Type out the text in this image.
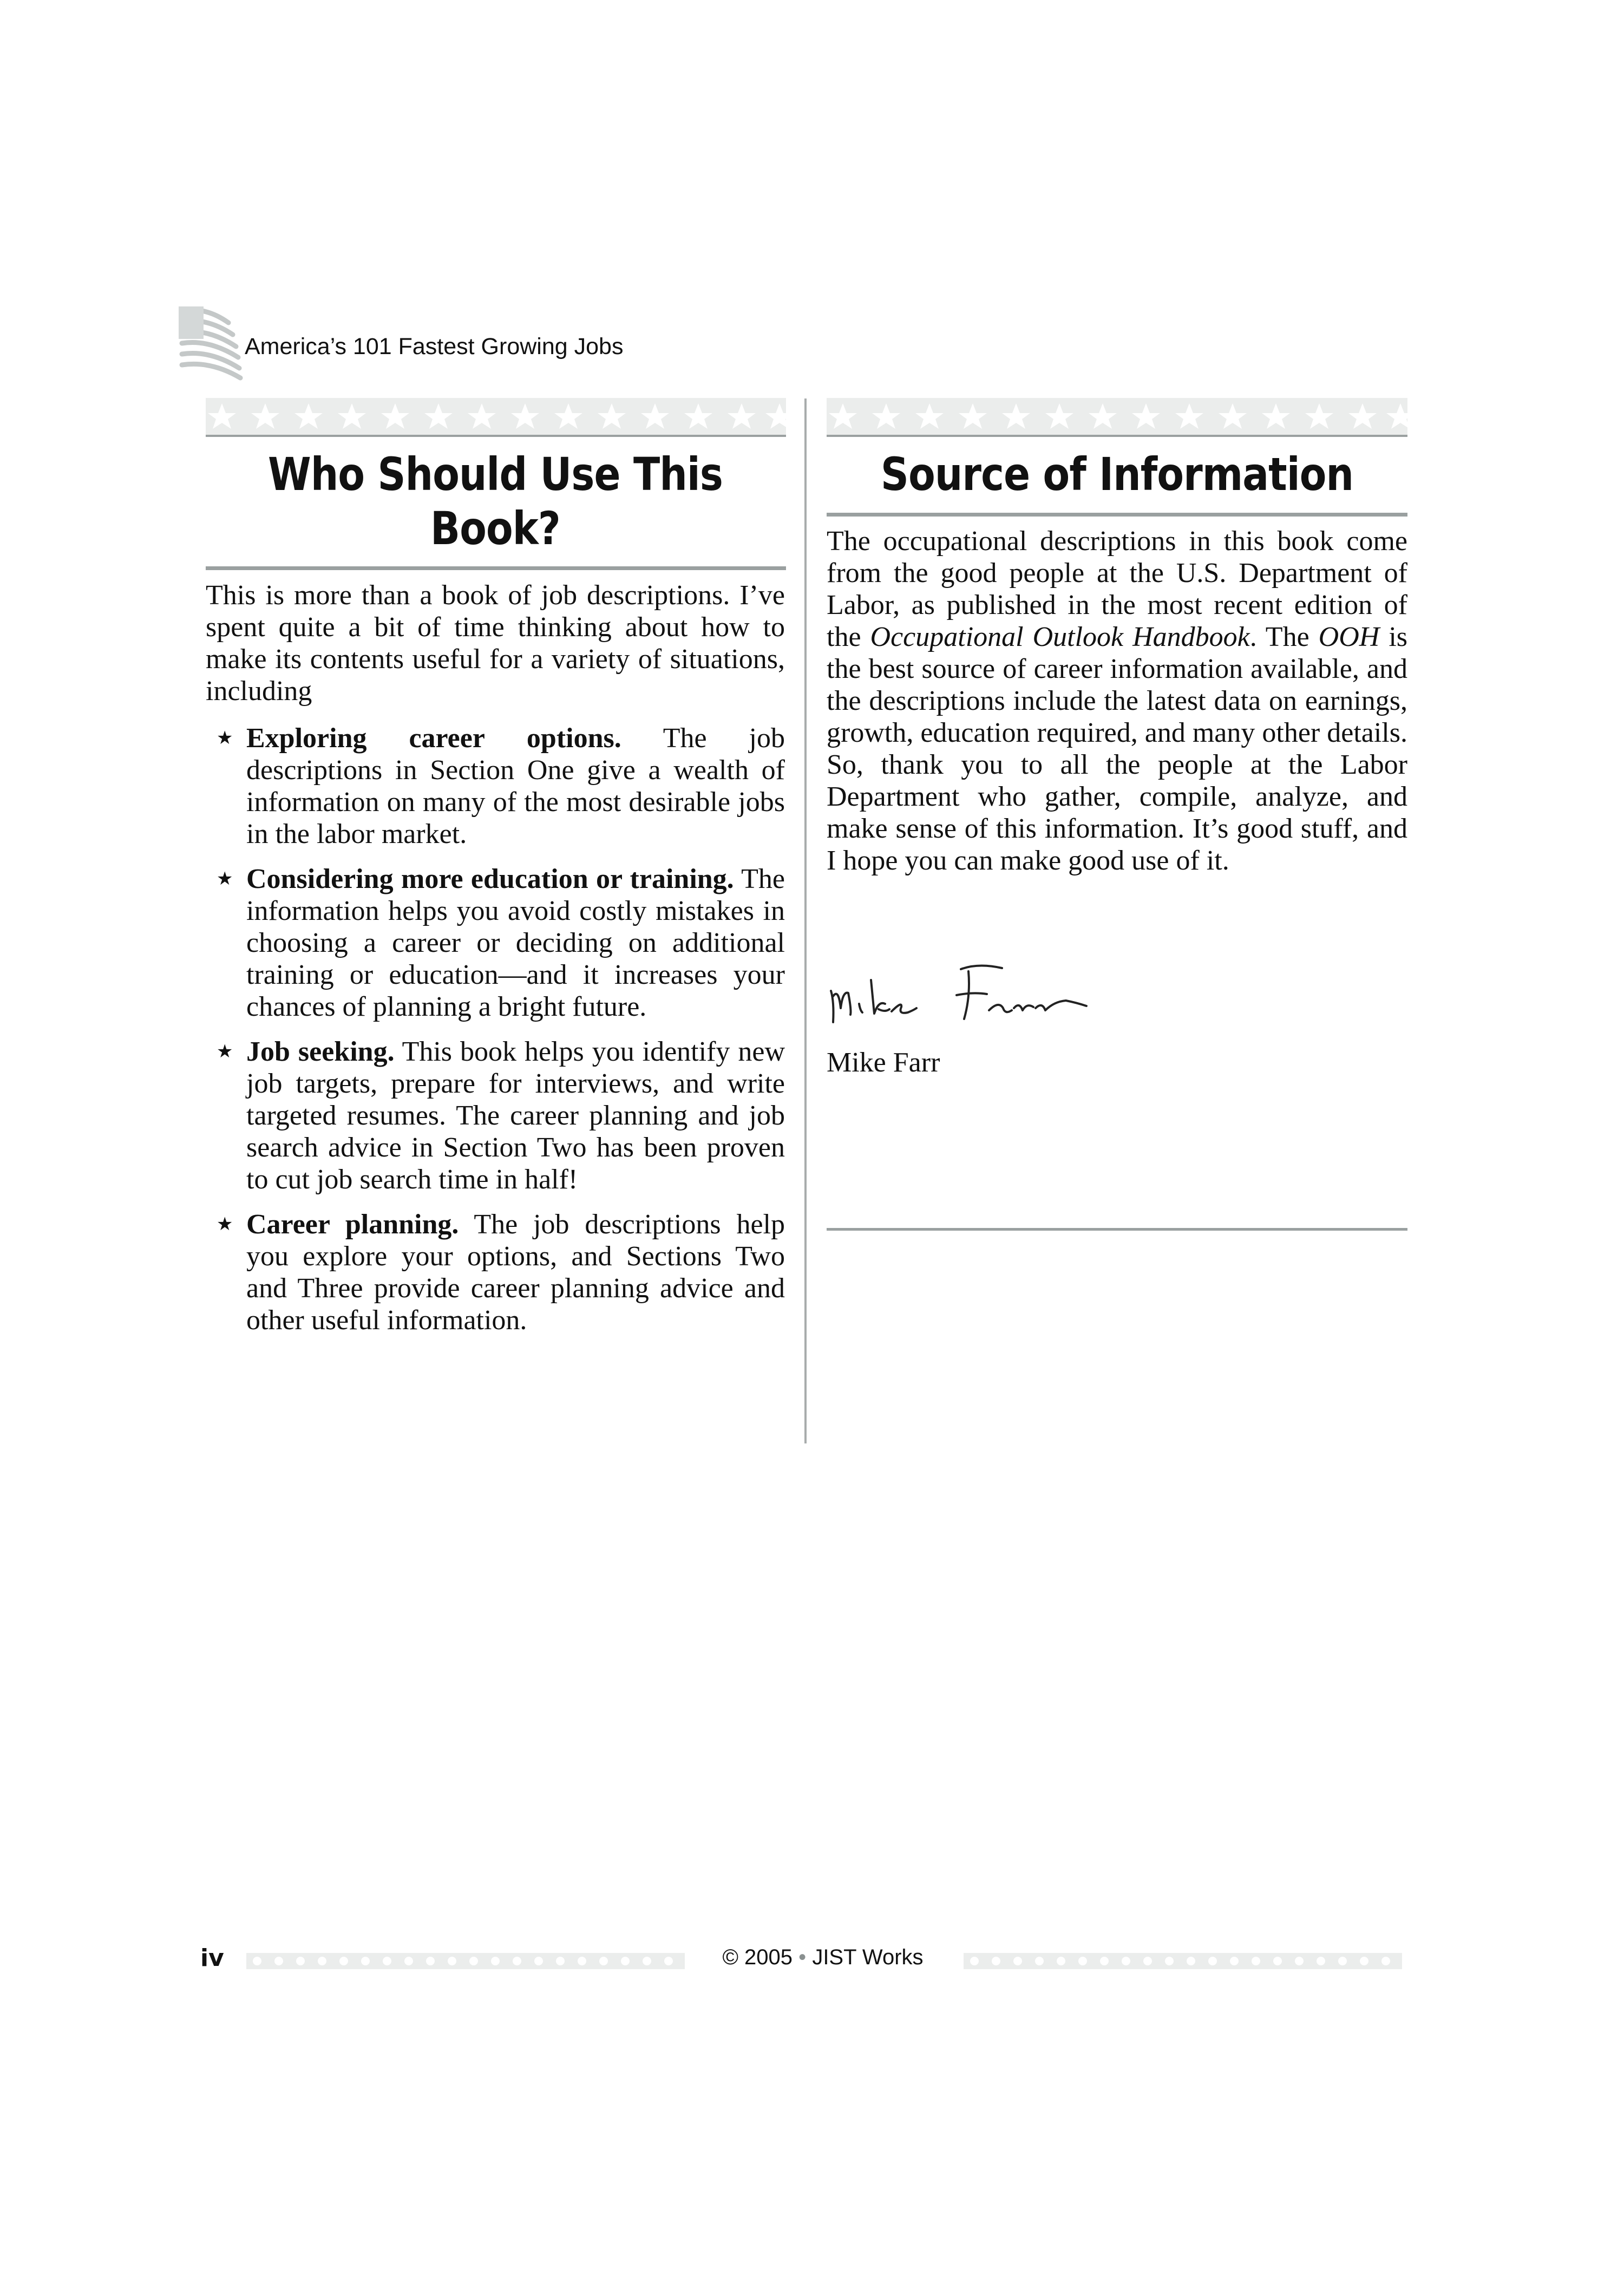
America’s 101 Fastest Growing Jobs

Who Should Use This

Book?

This is more than a book of job descriptions. I’ve spent quite a bit of time thinking about how to make its contents useful for a variety of situations, including

★ Exploring career options. The job descriptions in Section One give a wealth of information on many of the most desirable jobs in the labor market.
★ Considering more education or training. The information helps you avoid costly mistakes in choosing a career or deciding on additional training or education—and it increases your chances of planning a bright future.
★ Job seeking. This book helps you identify new job targets, prepare for interviews, and write targeted resumes. The career planning and job search advice in Section Two has been proven to cut job search time in half!
★ Career planning. The job descriptions help you explore your options, and Sections Two and Three provide career planning advice and other useful information.

Source of Information

The occupational descriptions in this book come from the good people at the U.S. Department of Labor, as published in the most recent edition of the Occupational Outlook Handbook. The OOH is the best source of career information available, and the descriptions include the latest data on earnings, growth, education required, and many other details. So, thank you to all the people at the Labor Department who gather, compile, analyze, and make sense of this information. It’s good stuff, and I hope you can make good use of it.

Mike Farr

iv	© 2005 • JIST Works
